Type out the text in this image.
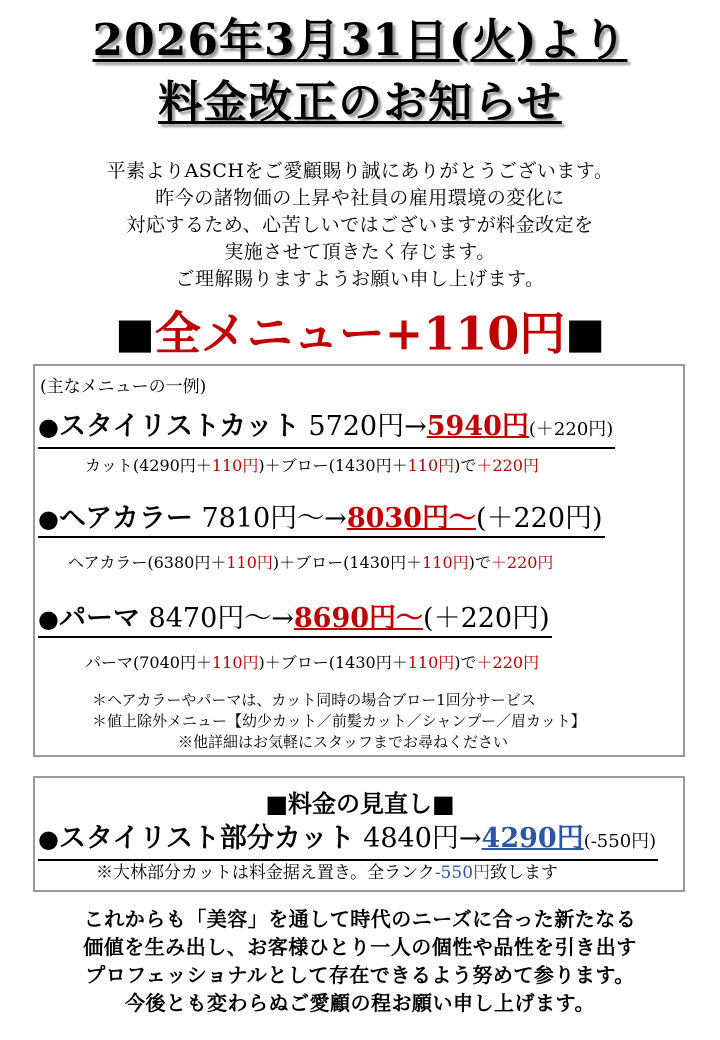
2026年3月31日(火)より
料金改正のお知らせ
平素よりASCHをご愛顧賜り誠にありがとうございます。
昨今の諸物価の上昇や社員の雇用環境の変化に
対応するため、心苦しいではございますが料金改定を
実施させて頂きたく存じます。
ご理解賜りますようお願い申し上げます。
■全メニュー+110円■
(主なメニューの一例)
●スタイリストカット 5720円→5940円(＋220円)
カット(4290円＋110円)＋ブロー(1430円＋110円)で＋220円
●ヘアカラー 7810円～→8030円～(＋220円)
ヘアカラー(6380円＋110円)＋ブロー(1430円＋110円)で＋220円
●パーマ 8470円～→8690円～(＋220円)
パーマ(7040円＋110円)＋ブロー(1430円＋110円)で＋220円
＊ヘアカラーやパーマは、カット同時の場合ブロー1回分サービス
＊値上除外メニュー【幼少カット／前髪カット／シャンプー／眉カット】
※他詳細はお気軽にスタッフまでお尋ねください
■料金の見直し■
●スタイリスト部分カット 4840円→4290円(-550円)
※大林部分カットは料金据え置き。全ランク-550円致します
これからも「美容」を通して時代のニーズに合った新たなる
価値を生み出し、お客様ひとり一人の個性や品性を引き出す
プロフェッショナルとして存在できるよう努めて参ります。
今後とも変わらぬご愛顧の程お願い申し上げます。
